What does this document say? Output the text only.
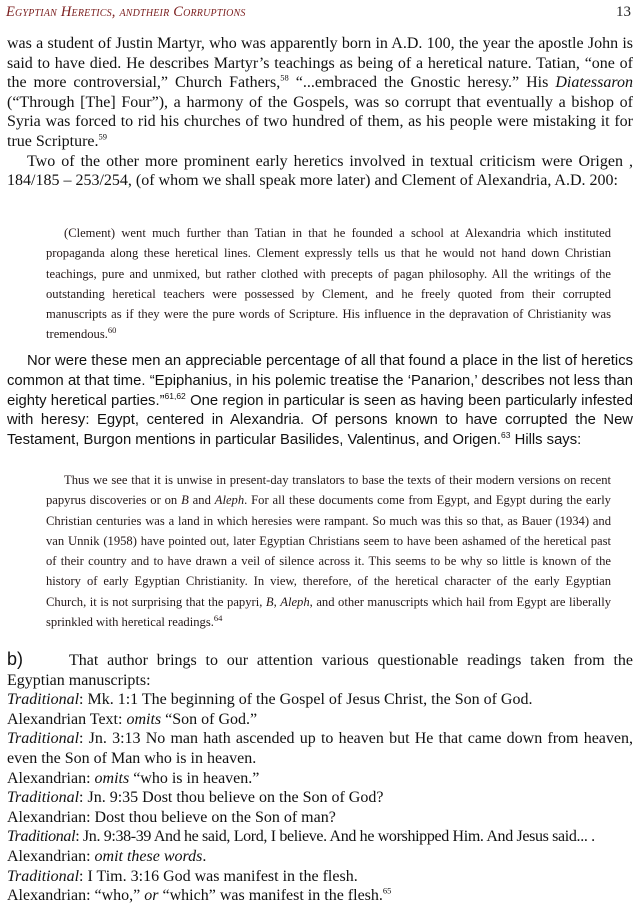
Egyptian Heretics, andtheir Corruptions	13

was a student of Justin Martyr, who was apparently born in A.D. 100, the year the apostle John is said to have died. He describes Martyr’s teachings as being of a heretical nature. Tatian, “one of the more controversial,” Church Fathers,$^{58}$ “...embraced the Gnostic heresy.” His Diatessaron (“Through [The] Four”), a harmony of the Gospels, was so corrupt that eventually a bishop of Syria was forced to rid his churches of two hundred of them, as his people were mistaking it for true Scripture.$^{59}$

Two of the other more prominent early heretics involved in textual criticism were Origen , 184/185 – 253/254, (of whom we shall speak more later) and Clement of Alexandria, A.D. 200:

(Clement) went much further than Tatian in that he founded a school at Alexandria which instituted propaganda along these heretical lines. Clement expressly tells us that he would not hand down Christian teachings, pure and unmixed, but rather clothed with precepts of pagan philosophy. All the writings of the outstanding heretical teachers were possessed by Clement, and he freely quoted from their corrupted manuscripts as if they were the pure words of Scripture. His influence in the depravation of Christianity was tremendous.$^{60}$

Nor were these men an appreciable percentage of all that found a place in the list of heretics common at that time. “Epiphanius, in his polemic treatise the ‘Panarion,’ describes not less than eighty heretical parties.”$^{61,62}$ One region in particular is seen as having been particularly infested with heresy: Egypt, centered in Alexandria. Of persons known to have corrupted the New Testament, Burgon mentions in particular Basilides, Valentinus, and Origen.$^{63}$ Hills says:

Thus we see that it is unwise in present-day translators to base the texts of their modern versions on recent papyrus discoveries or on B and Aleph. For all these documents come from Egypt, and Egypt during the early Christian centuries was a land in which heresies were rampant. So much was this so that, as Bauer (1934) and van Unnik (1958) have pointed out, later Egyptian Christians seem to have been ashamed of the heretical past of their country and to have drawn a veil of silence across it. This seems to be why so little is known of the history of early Egyptian Christianity. In view, therefore, of the heretical character of the early Egyptian Church, it is not surprising that the papyri, B, Aleph, and other manuscripts which hail from Egypt are liberally sprinkled with heretical readings.$^{64}$

b)	That author brings to our attention various questionable readings taken from the Egyptian manuscripts:

Traditional: Mk. 1:1 The beginning of the Gospel of Jesus Christ, the Son of God.
Alexandrian Text: omits “Son of God.”
Traditional: Jn. 3:13 No man hath ascended up to heaven but He that came down from heaven, even the Son of Man who is in heaven.
Alexandrian: omits “who is in heaven.”
Traditional: Jn. 9:35 Dost thou believe on the Son of God?
Alexandrian: Dost thou believe on the Son of man?
Traditional: Jn. 9:38-39 And he said, Lord, I believe. And he worshipped Him. And Jesus said... .
Alexandrian: omit these words.
Traditional: I Tim. 3:16 God was manifest in the flesh.
Alexandrian: “who,” or “which” was manifest in the flesh.$^{65}$
